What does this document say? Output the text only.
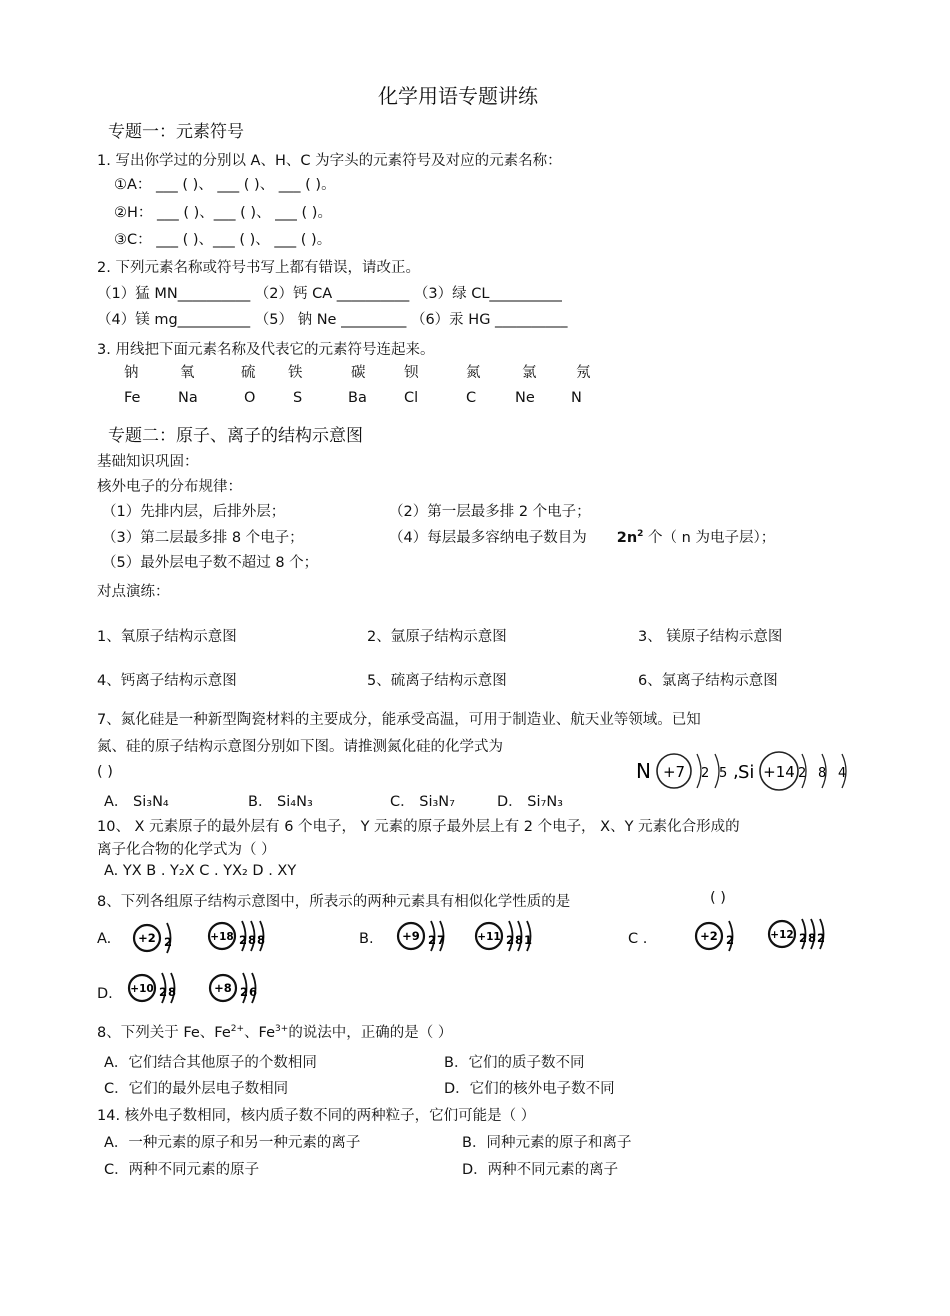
化学用语专题讲练
专题一：元素符号
1. 写出你学过的分别以 A、H、C 为字头的元素符号及对应的元素名称：
①A： ___ ( )、 ___ ( )、 ___ ( )。
②H： ___ ( )、___ ( )、 ___ ( )。
③C： ___ ( )、___ ( )、 ___ ( )。
2. 下列元素名称或符号书写上都有错误，请改正。
（1）猛 MN__________ （2）钙 CA __________ （3）绿 CL__________
（4）镁 mg__________ （5） 钠 Ne _________ （6）汞 HG __________
3. 用线把下面元素名称及代表它的元素符号连起来。
钠	氧	硫 铁	碳	钡	氮	氯	氖
Fe	Na	O	S	Ba	Cl	C	Ne N
专题二：原子、离子的结构示意图
基础知识巩固：
核外电子的分布规律：
（1）先排内层，后排外层；	（2）第一层最多排 2 个电子；
（3）第二层最多排 8 个电子；	（4）每层最多容纳电子数目为 $2n^2$ 个（ n 为电子层）；
（5）最外层电子数不超过 8 个；
对点演练：
1、氧原子结构示意图	2、氩原子结构示意图	3、 镁原子结构示意图
4、钙离子结构示意图	5、硫离子结构示意图	6、氯离子结构示意图
7、氮化硅是一种新型陶瓷材料的主要成分，能承受高温，可用于制造业、航天业等领域。已知
氮、硅的原子结构示意图分别如下图。请推测氮化硅的化学式为
( )
A． Si₃N₄	B． Si₄N₃	C． Si₃N₇	D． Si₇N₃
N +7 2 5 , Si +14 2 8 4
10、 X 元素原子的最外层有 6 个电子， Y 元素的原子最外层上有 2 个电子， X、Y 元素化合形成的
离子化合物的化学式为（ ）
A. YX B . Y₂X C . YX₂ D . XY
8、下列各组原子结构示意图中，所表示的两种元素具有相似化学性质的是	( )
A.	B.	C .
D.
+2 2	+18 2 8 8	+9 2 7	+11 2 8 1	+2 2	+12 2 8 2
+10 2 8	+8 2 6
8、下列关于 Fe、$Fe^{2+}$、$Fe^{3+}$的说法中，正确的是（ ）
A．它们结合其他原子的个数相同	B．它们的质子数不同
C．它们的最外层电子数相同	D．它们的核外电子数不同
14. 核外电子数相同，核内质子数不同的两种粒子，它们可能是（ ）
A．一种元素的原子和另一种元素的离子	B．同种元素的原子和离子
C．两种不同元素的原子	D．两种不同元素的离子
